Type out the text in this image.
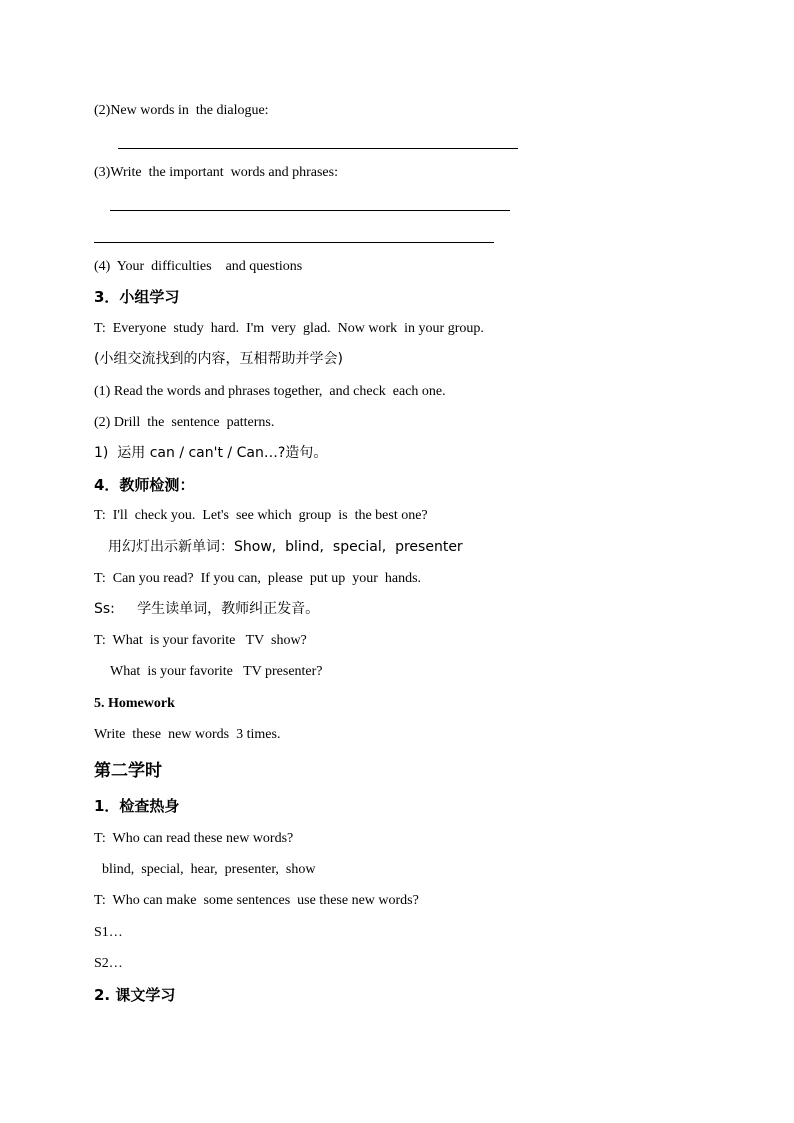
(2)New words in  the dialogue:
(3)Write  the important  words and phrases:
(4)  Your  difficulties    and questions
3．小组学习
T:  Everyone  study  hard.  I'm  very  glad.  Now work  in your group.
(小组交流找到的内容，互相帮助并学会)
(1) Read the words and phrases together,  and check  each one.
(2) Drill  the  sentence  patterns.
1)  运用 can / can't / Can…?造句。
4．教师检测：
T:  I'll  check you.  Let's  see which  group  is  the best one?
用幻灯出示新单词：Show,  blind,  special,  presenter
T:  Can you read?  If you can,  please  put up  your  hands.
Ss:     学生读单词，教师纠正发音。
T:  What  is your favorite   TV  show?
What  is your favorite   TV presenter?
5. Homework
Write  these  new words  3 times.
第二学时
1．检查热身
T:  Who can read these new words?
blind,  special,  hear,  presenter,  show
T:  Who can make  some sentences  use these new words?
S1…
S2…
2. 课文学习
